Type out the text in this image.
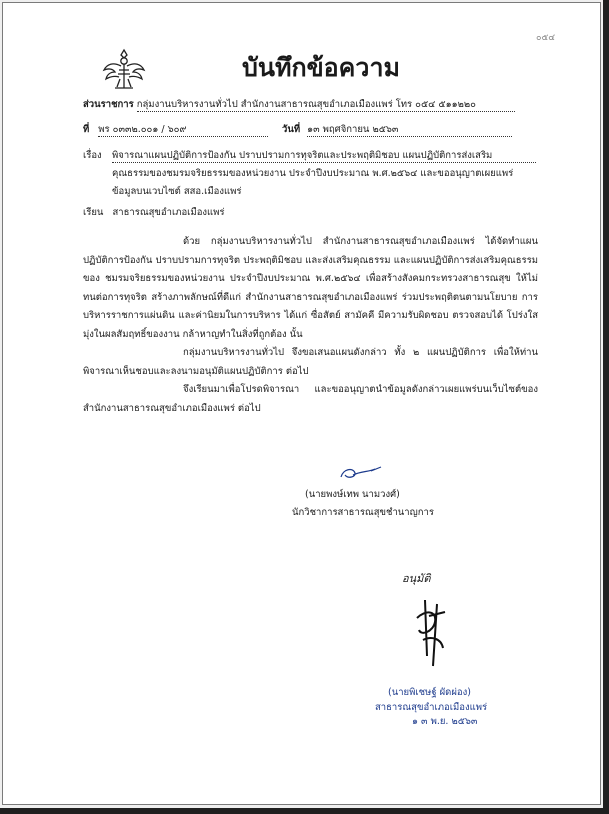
๐๕๔
บันทึกข้อความ
ส่วนราชการ กลุ่มงานบริหารงานทั่วไป สำนักงานสาธารณสุขอำเภอเมืองแพร่ โทร ๐๕๔ ๕๑๑๒๒๐
ที่ พร ๐๓๓๒.๐๐๑ / ๖๐๙	วันที่ ๑๓ พฤศจิกายน ๒๕๖๓
เรื่อง พิจารณาแผนปฏิบัติการป้องกัน ปราบปรามการทุจริตและประพฤติมิชอบ แผนปฏิบัติการส่งเสริม
คุณธรรมของชมรมจริยธรรมของหน่วยงาน ประจำปีงบประมาณ พ.ศ.๒๕๖๔ และขออนุญาตเผยแพร่
ข้อมูลบนเวบไซต์ สสอ.เมืองแพร่
เรียน สาธารณสุขอำเภอเมืองแพร่
ด้วย กลุ่มงานบริหารงานทั่วไป สำนักงานสาธารณสุขอำเภอเมืองแพร่ ได้จัดทำแผนปฏิบัติการป้องกัน ปราบปรามการทุจริต ประพฤติมิชอบ และส่งเสริมคุณธรรม และแผนปฏิบัติการส่งเสริมคุณธรรมของ ชมรมจริยธรรมของหน่วยงาน ประจำปีงบประมาณ พ.ศ.๒๕๖๔ เพื่อสร้างสังคมกระทรวงสาธารณสุข ให้ไม่ทนต่อการทุจริต สร้างภาพลักษณ์ที่ดีแก่ สำนักงานสาธารณสุขอำเภอเมืองแพร่ ร่วมประพฤติตนตามนโยบาย การบริหารราชการแผ่นดิน และค่านิยมในการบริหาร ได้แก่ ซื่อสัตย์ สามัคคี มีความรับผิดชอบ ตรวจสอบได้ โปร่งใส มุ่งในผลสัมฤทธิ์ของงาน กล้าหาญทำในสิ่งที่ถูกต้อง นั้น
กลุ่มงานบริหารงานทั่วไป จึงขอเสนอแผนดังกล่าว ทั้ง ๒ แผนปฏิบัติการ เพื่อให้ท่านพิจารณาเห็นชอบและลงนามอนุมัติแผนปฏิบัติการ ต่อไป
จึงเรียนมาเพื่อโปรดพิจารณา และขออนุญาตนำข้อมูลดังกล่าวเผยแพร่บนเว็บไซต์ของสำนักงานสาธารณสุขอำเภอเมืองแพร่ ต่อไป
(นายพงษ์เทพ นามวงศ์)
นักวิชาการสาธารณสุขชำนาญการ
อนุมัติ
(นายพิเชษฐ์ ผัดผ่อง)
สาธารณสุขอำเภอเมืองแพร่
๑ ๓ พ.ย. ๒๕๖๓
